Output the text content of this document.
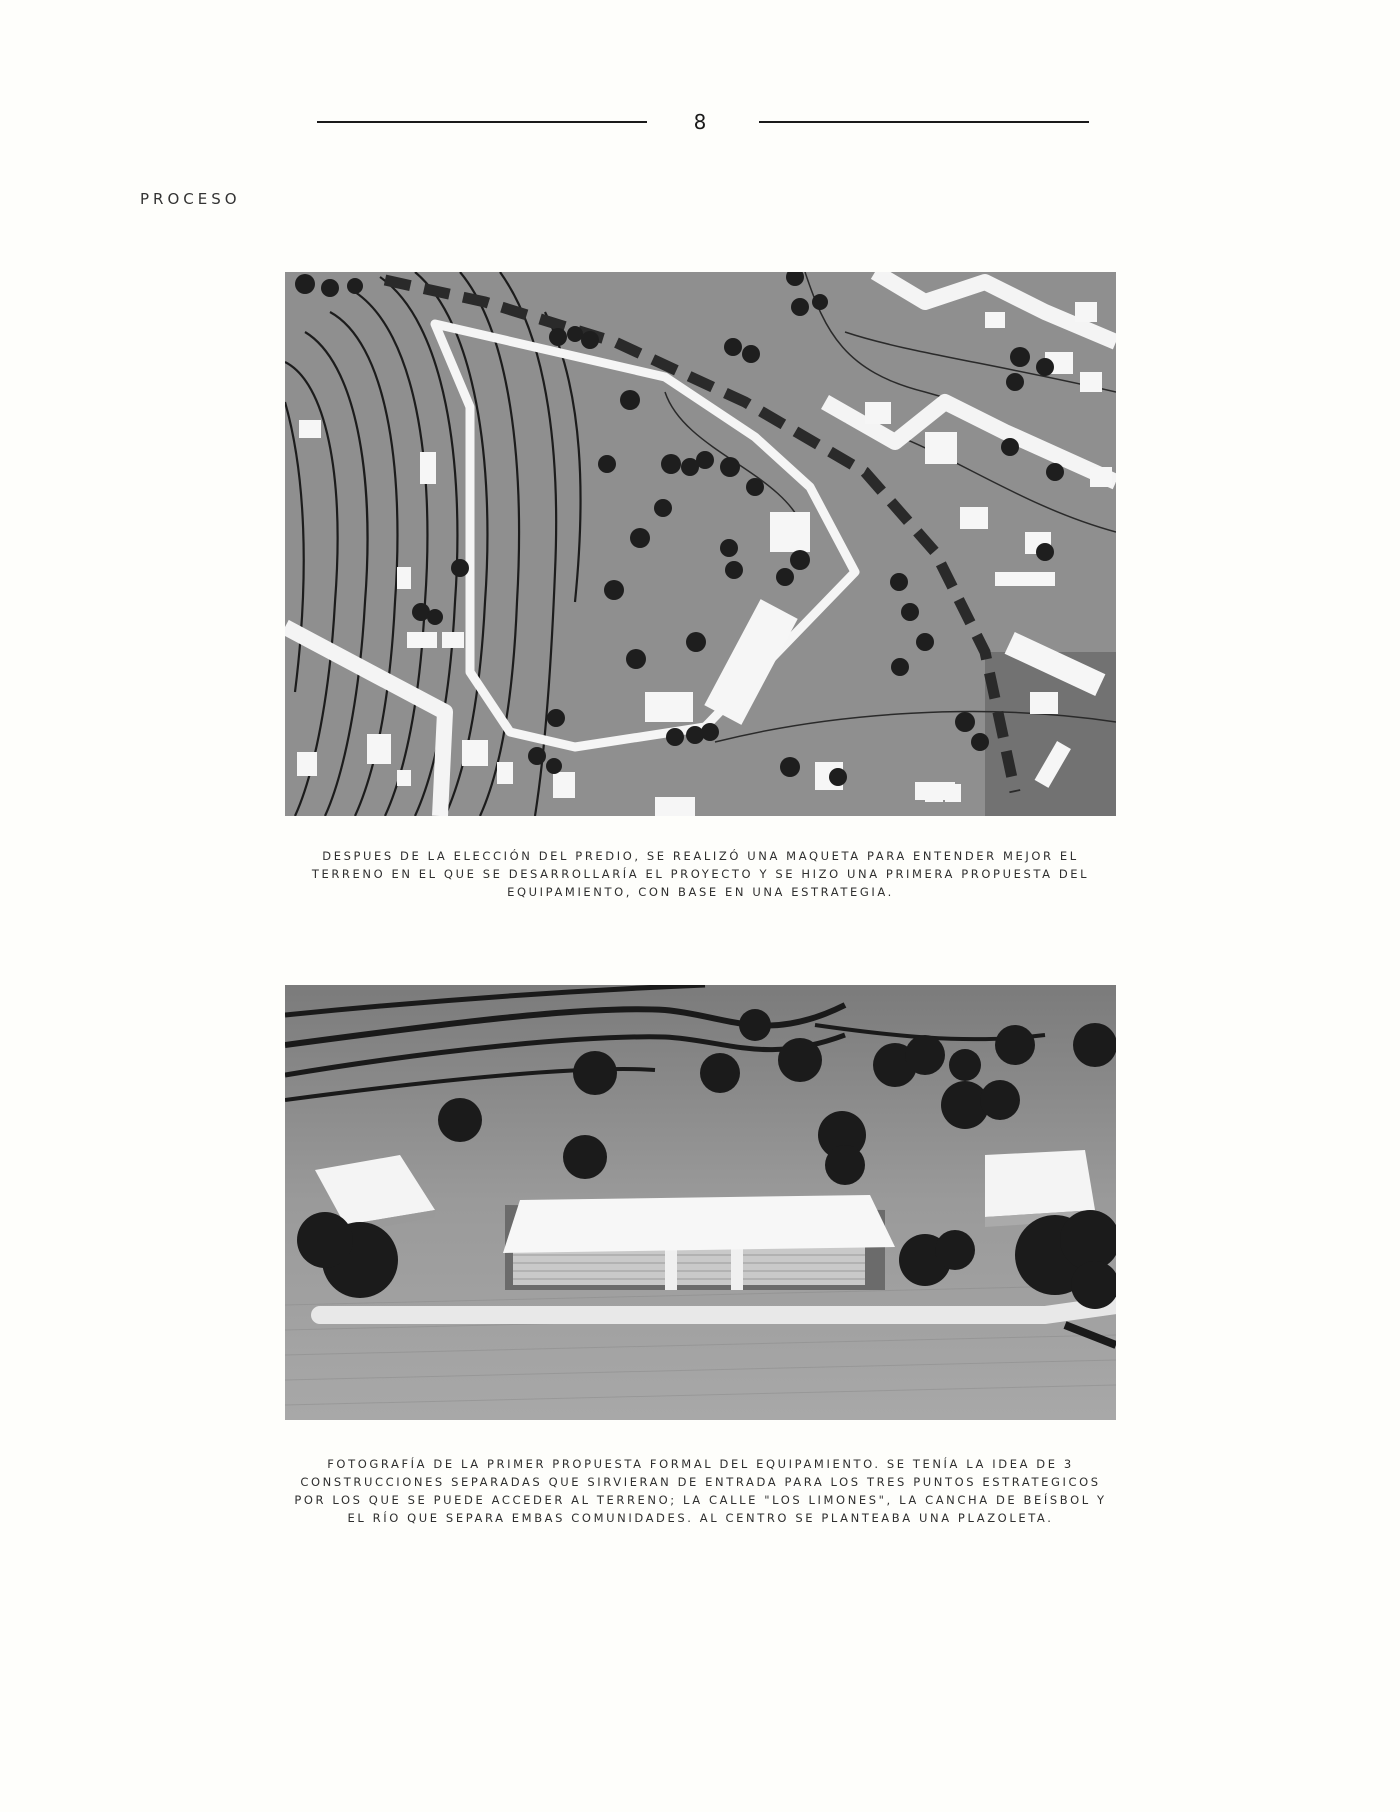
8
PROCESO
DESPUES DE LA ELECCIÓN DEL PREDIO, SE REALIZÓ UNA MAQUETA PARA ENTENDER MEJOR EL TERRENO EN EL QUE SE DESARROLLARÍA EL PROYECTO Y SE HIZO UNA PRIMERA PROPUESTA DEL EQUIPAMIENTO, CON BASE EN UNA ESTRATEGIA.
FOTOGRAFÍA DE LA PRIMER PROPUESTA FORMAL DEL EQUIPAMIENTO. SE TENÍA LA IDEA DE 3 CONSTRUCCIONES SEPARADAS QUE SIRVIERAN DE ENTRADA PARA LOS TRES PUNTOS ESTRATEGICOS POR LOS QUE SE PUEDE ACCEDER AL TERRENO; LA CALLE "LOS LIMONES", LA CANCHA DE BEÍSBOL Y EL RÍO QUE SEPARA EMBAS COMUNIDADES. AL CENTRO SE PLANTEABA UNA PLAZOLETA.
